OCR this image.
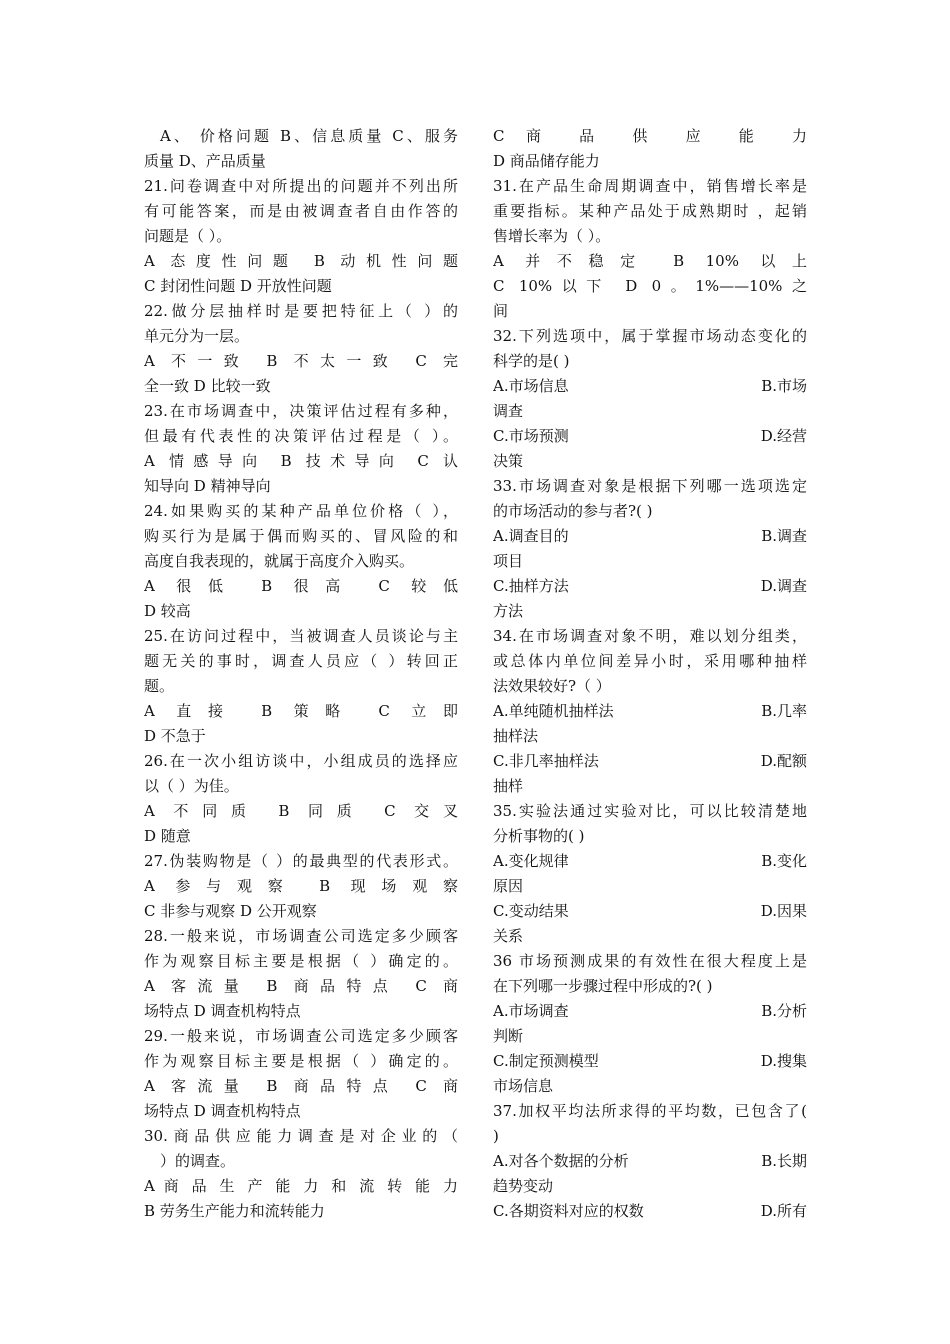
A、 价格问题 B、信息质量 C、服务
质量 D、产品质量
21.问卷调查中对所提出的问题并不列出所
有可能答案，而是由被调查者自由作答的
问题是（ ）。
A 态度性问题 B 动机性问题
C 封闭性问题 D 开放性问题
22.做分层抽样时是要把特征上（ ）的
单元分为一层。
A 不一致 B 不太一致 C 完
全一致 D 比较一致
23.在市场调查中，决策评估过程有多种，
但最有代表性的决策评估过程是（ ）。
A 情感导向 B 技术导向 C 认
知导向 D 精神导向
24.如果购买的某种产品单位价格（ ），
购买行为是属于偶而购买的、冒风险的和
高度自我表现的，就属于高度介入购买。
A 很低 B 很高 C 较低
D 较高
25.在访问过程中，当被调查人员谈论与主
题无关的事时，调查人员应（ ）转回正
题。
A 直接 B 策略 C 立即
D 不急于
26.在一次小组访谈中，小组成员的选择应
以（ ）为佳。
A 不同质 B 同质 C 交叉
D 随意
27.伪装购物是（ ）的最典型的代表形式。
A 参与观察 B 现场观察
C 非参与观察 D 公开观察
28.一般来说，市场调查公司选定多少顾客
作为观察目标主要是根据（ ）确定的。
A 客流量 B 商品特点 C 商
场特点 D 调查机构特点
29.一般来说，市场调查公司选定多少顾客
作为观察目标主要是根据（ ）确定的。
A 客流量 B 商品特点 C 商
场特点 D 调查机构特点
30.商品供应能力调查是对企业的（
）的调查。
A 商 品 生 产 能 力 和 流 转 能 力
B 劳务生产能力和流转能力
C 商 品 供 应 能 力
D 商品储存能力
31.在产品生命周期调查中，销售增长率是
重要指标。某种产品处于成熟期时 ，起销
售增长率为（ ）。
A 并不稳定 B 10% 以上
C 10%以下 D 0。1%——10%之
间
32.下列选项中，属于掌握市场动态变化的
科学的是( )
A.市场信息	B.市场
调查
C.市场预测	D.经营
决策
33.市场调查对象是根据下列哪一选项选定
的市场活动的参与者?( )
A.调查目的	B.调查
项目
C.抽样方法	D.调查
方法
34.在市场调查对象不明，难以划分组类，
或总体内单位间差异小时，采用哪种抽样
法效果较好?（ ）
A.单纯随机抽样法	B.几率
抽样法
C.非几率抽样法	D.配额
抽样
35.实验法通过实验对比，可以比较清楚地
分析事物的( )
A.变化规律	B.变化
原因
C.变动结果	D.因果
关系
36 市场预测成果的有效性在很大程度上是
在下列哪一步骤过程中形成的?( )
A.市场调查	B.分析
判断
C.制定预测模型	D.搜集
市场信息
37.加权平均法所求得的平均数，已包含了(
)
A.对各个数据的分析	B.长期
趋势变动
C.各期资料对应的权数	D.所有
